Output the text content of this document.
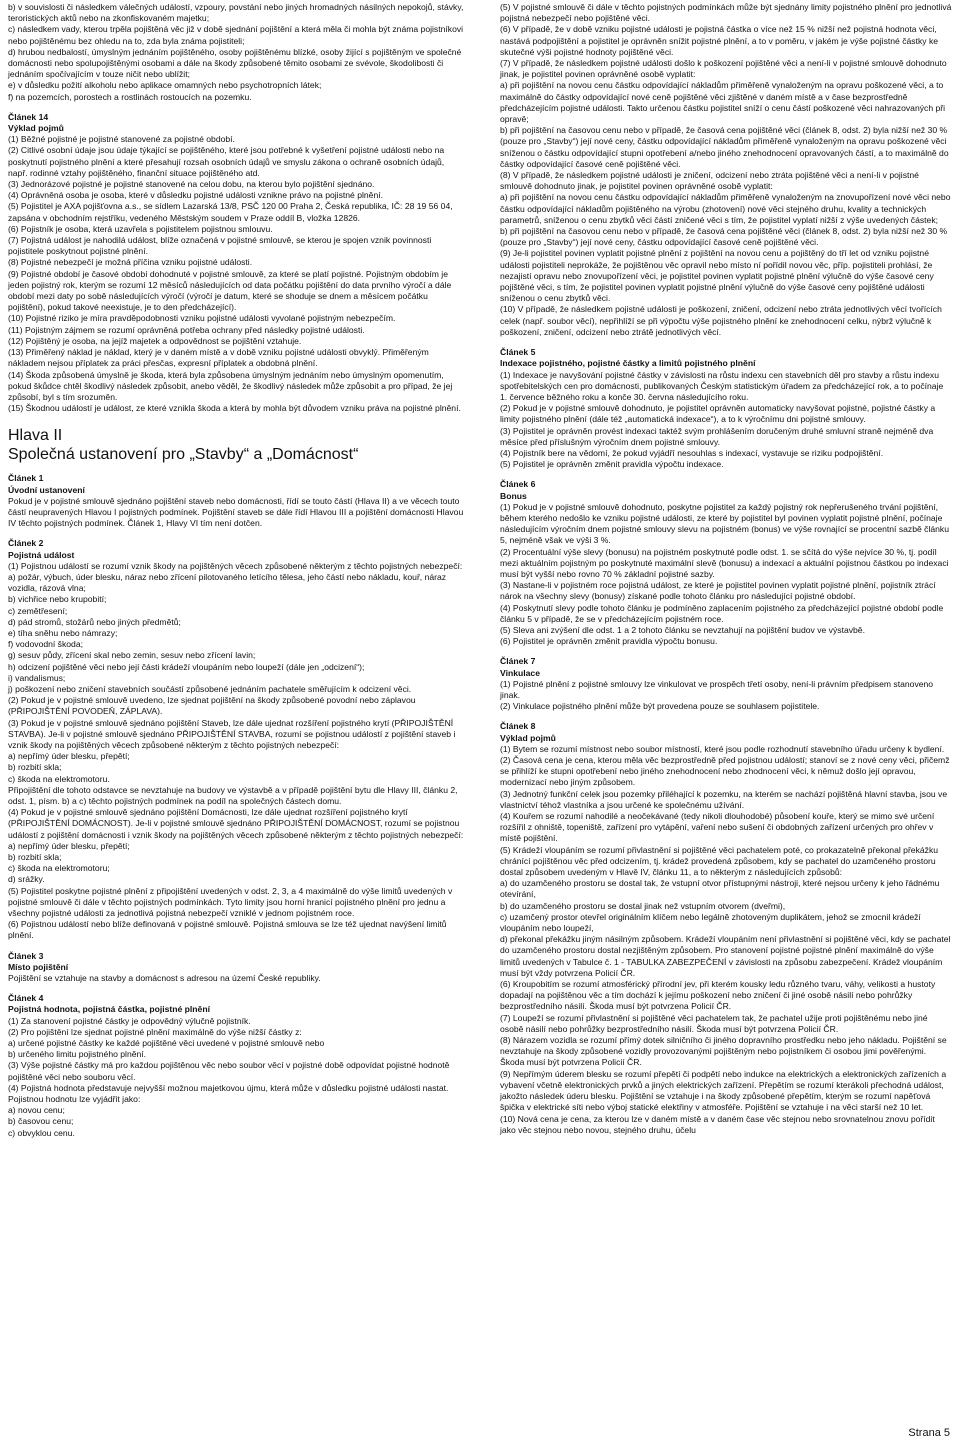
b) v souvislosti či následkem válečných událostí, vzpoury, povstání nebo jiných hromadných násilných nepokojů, stávky, teroristických aktů nebo na zkonfiskovaném majetku;
c) následkem vady, kterou trpěla pojištěná věc již v době sjednání pojištění a která měla či mohla být známa pojistníkovi nebo pojištěnému bez ohledu na to, zda byla známa pojistiteli;
d) hrubou nedbalostí, úmyslným jednáním pojištěného, osoby pojištěnému blízké, osoby žijící s pojištěným ve společné domácnosti nebo spolupojištěnými osobami a dále na škody způsobené těmito osobami ze svévole, škodolibosti či jednáním spočívajícím v touze ničit nebo ublížit;
e) v důsledku požití alkoholu nebo aplikace omamných nebo psychotropních látek;
f) na pozemcích, porostech a rostlinách rostoucích na pozemku.
Článek 14
Výklad pojmů
(1) Běžné pojistné je pojistné stanovené za pojistné období.
(2) Citlivé osobní údaje jsou údaje týkající se pojištěného, které jsou potřebné k vyšetření pojistné události nebo na poskytnutí pojistného plnění a které přesahují rozsah osobních údajů ve smyslu zákona o ochraně osobních údajů, např. rodinné vztahy pojištěného, finanční situace pojištěného atd.
(3) Jednorázové pojistné je pojistné stanovené na celou dobu, na kterou bylo pojištění sjednáno.
(4) Oprávněná osoba je osoba, které v důsledku pojistné události vznikne právo na pojistné plnění.
(5) Pojistitel je AXA pojišťovna a.s., se sídlem Lazarská 13/8, PSČ 120 00 Praha 2, Česká republika, IČ: 28 19 56 04, zapsána v obchodním rejstříku, vedeného Městským soudem v Praze oddíl B, vložka 12826.
(6) Pojistník je osoba, která uzavřela s pojistitelem pojistnou smlouvu.
(7) Pojistná událost je nahodilá událost, blíže označená v pojistné smlouvě, se kterou je spojen vznik povinnosti pojistitele poskytnout pojistné plnění.
(8) Pojistné nebezpečí je možná příčina vzniku pojistné události.
(9) Pojistné období je časové období dohodnuté v pojistné smlouvě, za které se platí pojistné. Pojistným obdobím je jeden pojistný rok, kterým se rozumí 12 měsíců následujících od data počátku pojištění do data prvního výročí a dále období mezi daty po sobě následujících výročí (výročí je datum, které se shoduje se dnem a měsícem počátku pojištění), pokud takové neexistuje, je to den předcházející).
(10) Pojistné riziko je míra pravděpodobnosti vzniku pojistné události vyvolané pojistným nebezpečím.
(11) Pojistným zájmem se rozumí oprávněná potřeba ochrany před následky pojistné události.
(12) Pojištěný je osoba, na jejíž majetek a odpovědnost se pojištění vztahuje.
(13) Přiměřený náklad je náklad, který je v daném místě a v době vzniku pojistné události obvyklý. Přiměřeným nákladem nejsou příplatek za práci přesčas, expresní příplatek a obdobná plnění.
(14) Škoda způsobená úmyslně je škoda, která byla způsobena úmyslným jednáním nebo úmyslným opomenutím, pokud škůdce chtěl škodlivý následek způsobit, anebo věděl, že škodlivý následek může způsobit a pro případ, že jej způsobí, byl s tím srozuměn.
(15) Škodnou událostí je událost, ze které vznikla škoda a která by mohla být důvodem vzniku práva na pojistné plnění.
Hlava II
Společná ustanovení pro „Stavby“ a „Domácnost“
Článek 1
Úvodní ustanovení
Pokud je v pojistné smlouvě sjednáno pojištění staveb nebo domácnosti, řídí se touto částí (Hlava II) a ve věcech touto částí neupravených Hlavou I pojistných podmínek. Pojištění staveb se dále řídí Hlavou III a pojištění domácnosti Hlavou IV těchto pojistných podmínek. Článek 1, Hlavy VI tím není dotčen.
Článek 2
Pojistná událost
(1) Pojistnou událostí se rozumí vznik škody na pojištěných věcech způsobené některým z těchto pojistných nebezpečí:
a) požár, výbuch, úder blesku, náraz nebo zřícení pilotovaného letícího tělesa, jeho částí nebo nákladu, kouř, náraz vozidla, rázová vlna;
b) vichřice nebo krupobití;
c) zemětřesení;
d) pád stromů, stožárů nebo jiných předmětů;
e) tíha sněhu nebo námrazy;
f) vodovodní škoda;
g) sesuv půdy, zřícení skal nebo zemin, sesuv nebo zřícení lavin;
h) odcizení pojištěné věci nebo její části krádeží vloupáním nebo loupeží (dále jen „odcizení“);
i) vandalismus;
j) poškození nebo zničení stavebních součástí způsobené jednáním pachatele směřujícím k odcizení věci.
(2) Pokud je v pojistné smlouvě uvedeno, lze sjednat pojištění na škody způsobené povodní nebo záplavou (PŘIPOJIŠTĚNÍ POVODEŇ, ZÁPLAVA).
(3) Pokud je v pojistné smlouvě sjednáno pojištění Staveb, lze dále ujednat rozšíření pojistného krytí (PŘIPOJIŠTĚNÍ STAVBA). Je-li v pojistné smlouvě sjednáno PŘIPOJIŠTĚNÍ STAVBA, rozumí se pojistnou událostí z pojištění staveb i vznik škody na pojištěných věcech způsobené některým z těchto pojistných nebezpečí:
a) nepřímý úder blesku, přepětí;
b) rozbití skla;
c) škoda na elektromotoru.
Připojištění dle tohoto odstavce se nevztahuje na budovy ve výstavbě a v případě pojištění bytu dle Hlavy III, článku 2, odst. 1, písm. b) a c) těchto pojistných podmínek na podíl na společných částech domu.
(4) Pokud je v pojistné smlouvě sjednáno pojištění Domácnosti, lze dále ujednat rozšíření pojistného krytí (PŘIPOJIŠTĚNÍ DOMÁCNOST). Je-li v pojistné smlouvě sjednáno PŘIPOJIŠTĚNÍ DOMÁCNOST, rozumí se pojistnou událostí z pojištění domácnosti i vznik škody na pojištěných věcech způsobené některým z těchto pojistných nebezpečí:
a) nepřímý úder blesku, přepětí;
b) rozbití skla;
c) škoda na elektromotoru;
d) srážky.
(5) Pojistitel poskytne pojistné plnění z připojištění uvedených v odst. 2, 3, a 4 maximálně do výše limitů uvedených v pojistné smlouvě či dále v těchto pojistných podmínkách. Tyto limity jsou horní hranicí pojistného plnění pro jednu a všechny pojistné události za jednotlivá pojistná nebezpečí vzniklé v jednom pojistném roce.
(6) Pojistnou událostí nebo blíže definovaná v pojistné smlouvě. Pojistná smlouva se lze též ujednat navýšení limitů plnění.
Článek 3
Místo pojištění
Pojištění se vztahuje na stavby a domácnost s adresou na území České republiky.
Článek 4
Pojistná hodnota, pojistná částka, pojistné plnění
(1) Za stanovení pojistné částky je odpovědný výlučně pojistník.
(2) Pro pojištění lze sjednat pojistné plnění maximálně do výše nižší částky z:
a) určené pojistné částky ke každé pojištěné věci uvedené v pojistné smlouvě nebo
b) určeného limitu pojistného plnění.
(3) Výše pojistné částky má pro každou pojištěnou věc nebo soubor věcí v pojistné době odpovídat pojistné hodnotě pojištěné věci nebo souboru věcí.
(4) Pojistná hodnota představuje nejvyšší možnou majetkovou újmu, která může v důsledku pojistné události nastat. Pojistnou hodnotu lze vyjádřit jako:
a) novou cenu;
b) časovou cenu;
c) obvyklou cenu.
(5) V pojistné smlouvě či dále v těchto pojistných podmínkách může být sjednány limity pojistného plnění pro jednotlivá pojistná nebezpečí nebo pojištěné věci.
(6) V případě, že v době vzniku pojistné události je pojistná částka o více než 15 % nižší než pojistná hodnota věci, nastává podpojištění a pojistitel je oprávněn snížit pojistné plnění, a to v poměru, v jakém je výše pojistné částky ke skutečné výši pojistné hodnoty pojištěné věci.
(7) V případě, že následkem pojistné události došlo k poškození pojištěné věci a není-li v pojistné smlouvě dohodnuto jinak, je pojistitel povinen oprávněné osobě vyplatit:
a) při pojištění na novou cenu částku odpovídající nákladům přiměřeně vynaloženým na opravu poškozené věci, a to maximálně do částky odpovídající nové ceně pojištěné věci zjištěné v daném místě a v čase bezprostředně předcházejícím pojistné události. Takto určenou částku pojistitel sníží o cenu částí poškozené věci nahrazovaných při opravě;
b) při pojištění na časovou cenu nebo v případě, že časová cena pojištěné věci (článek 8, odst. 2) byla nižší než 30 % (pouze pro „Stavby“) její nové ceny, částku odpovídající nákladům přiměřeně vynaloženým na opravu poškozené věci sníženou o částku odpovídající stupni opotřebení a/nebo jiného znehodnocení opravovaných částí, a to maximálně do částky odpovídající časové ceně pojištěné věci.
(8) V případě, že následkem pojistné události je zničení, odcizení nebo ztráta pojištěné věci a není-li v pojistné smlouvě dohodnuto jinak, je pojistitel povinen oprávněné osobě vyplatit:
a) při pojištění na novou cenu částku odpovídající nákladům přiměřeně vynaloženým na znovupořízení nové věci nebo částku odpovídající nákladům pojištěného na výrobu (zhotovení) nové věci stejného druhu, kvality a technických parametrů, sníženou o cenu zbytků věci částí zničené věci s tím, že pojistitel vyplatí nižší z výše uvedených částek;
b) při pojištění na časovou cenu nebo v případě, že časová cena pojištěné věci (článek 8, odst. 2) byla nižší než 30 % (pouze pro „Stavby“) její nové ceny, částku odpovídající časové ceně pojištěné věci.
(9) Je-li pojistitel povinen vyplatit pojistné plnění z pojištění na novou cenu a pojištěný do tří let od vzniku pojistné události pojistiteli neprokáže, že pojištěnou věc opravil nebo místo ní pořídil novou věc, příp. pojistiteli prohlásí, že nezajistí opravu nebo znovupořízení věci, je pojistitel povinen vyplatit pojistné plnění výlučně do výše časové ceny pojištěné věci, s tím, že pojistitel povinen vyplatit pojistné plnění výlučně do výše časové ceny pojištěné události sníženou o cenu zbytků věci.
(10) V případě, že následkem pojistné události je poškození, zničení, odcizení nebo ztráta jednotlivých věcí tvořících celek (např. soubor věcí), nepřihlíží se při výpočtu výše pojistného plnění ke znehodnocení celku, nýbrž výlučně k poškození, zničení, odcizení nebo ztrátě jednotlivých věcí.
Článek 5
Indexace pojistného, pojistné částky a limitů pojistného plnění
(1) Indexace je navyšování pojistné částky v závislosti na růstu indexu cen stavebních děl pro stavby a růstu indexu spotřebitelských cen pro domácnosti, publikovaných Českým statistickým úřadem za předcházející rok, a to počínaje 1. července běžného roku a konče 30. června následujícího roku.
(2) Pokud je v pojistné smlouvě dohodnuto, je pojistitel oprávněn automaticky navyšovat pojistné, pojistné částky a limity pojistného plnění (dále též „automatická indexace“), a to k výročnímu dni pojistné smlouvy.
(3) Pojistitel je oprávněn provést indexaci taktéž svým prohlášením doručeným druhé smluvní straně nejméně dva měsíce před příslušným výročním dnem pojistné smlouvy.
(4) Pojistník bere na vědomí, že pokud vyjádří nesouhlas s indexací, vystavuje se riziku podpojištění.
(5) Pojistitel je oprávněn změnit pravidla výpočtu indexace.
Článek 6
Bonus
(1) Pokud je v pojistné smlouvě dohodnuto, poskytne pojistitel za každý pojistný rok nepřerušeného trvání pojištění, během kterého nedošlo ke vzniku pojistné události, ze které by pojistitel byl povinen vyplatit pojistné plnění, počínaje následujícím výročním dnem pojistné smlouvy slevu na pojistném (bonus) ve výše rovnající se procentní sazbě článku 5, nejméně však ve výši 3 %.
(2) Procentuální výše slevy (bonusu) na pojistném poskytnuté podle odst. 1. se sčítá do výše nejvíce 30 %, tj. podíl mezi aktuálním pojistným po poskytnuté maximální slevě (bonusu) a indexací a aktuální pojistnou částkou po indexaci musí být vyšší nebo rovno 70 % základní pojistné sazby.
(3) Nastane-li v pojistném roce pojistná událost, ze které je pojistitel povinen vyplatit pojistné plnění, pojistník ztrácí nárok na všechny slevy (bonusy) získané podle tohoto článku pro následující pojistné období.
(4) Poskytnutí slevy podle tohoto článku je podmíněno zaplacením pojistného za předcházející pojistné období podle článku 5 v případě, že se v předcházejícím pojistném roce.
(5) Sleva ani zvýšení dle odst. 1 a 2 tohoto článku se nevztahují na pojištění budov ve výstavbě.
(6) Pojistitel je oprávněn změnit pravidla výpočtu bonusu.
Článek 7
Vinkulace
(1) Pojistné plnění z pojistné smlouvy lze vinkulovat ve prospěch třetí osoby, není-li právním předpisem stanoveno jinak.
(2) Vinkulace pojistného plnění může být provedena pouze se souhlasem pojistitele.
Článek 8
Výklad pojmů
(1) Bytem se rozumí místnost nebo soubor místností, které jsou podle rozhodnutí stavebního úřadu určeny k bydlení.
(2) Časová cena je cena, kterou měla věc bezprostředně před pojistnou událostí; stanoví se z nové ceny věci, přičemž se přihlíží ke stupni opotřebení nebo jiného znehodnocení nebo zhodnocení věci, k němuž došlo její opravou, modernizací nebo jiným způsobem.
(3) Jednotný funkční celek jsou pozemky přiléhající k pozemku, na kterém se nachází pojištěná hlavní stavba, jsou ve vlastnictví téhož vlastníka a jsou určené ke společnému užívání.
(4) Kouřem se rozumí nahodilé a neočekávané (tedy nikoli dlouhodobé) působení kouře, který se mimo své určení rozšířil z ohniště, topeniště, zařízení pro vytápění, vaření nebo sušení či obdobných zařízení určených pro ohřev v místě pojištění.
(5) Krádeží vloupáním se rozumí přivlastnění si pojištěné věci pachatelem poté, co prokazatelně překonal překážku chránící pojištěnou věc před odcizením, tj. krádež provedená způsobem, kdy se pachatel do uzamčeného prostoru dostal způsobem uvedeným v Hlavě IV, článku 11, a to některým z následujících způsobů:
a) do uzamčeného prostoru se dostal tak, že vstupní otvor přístupnými nástroji, které nejsou určeny k jeho řádnému otevírání,
b) do uzamčeného prostoru se dostal jinak než vstupním otvorem (dveřmi),
c) uzamčený prostor otevřel originálním klíčem nebo legálně zhotoveným duplikátem, jehož se zmocnil krádeží vloupáním nebo loupeží,
d) překonal překážku jiným násilným způsobem. Krádeží vloupáním není přivlastnění si pojištěné věci, kdy se pachatel do uzamčeného prostoru dostal nezjištěným způsobem. Pro stanovení pojistné pojistné plnění maximálně do výše limitů uvedených v Tabulce č. 1 - TABULKA ZABEZPEČENÍ v závislosti na způsobu zabezpečení. Krádež vloupáním musí být vždy potvrzena Policií ČR.
(6) Kroupobitím se rozumí atmosférický přírodní jev, při kterém kousky ledu různého tvaru, váhy, velikosti a hustoty dopadají na pojištěnou věc a tím dochází k jejímu poškození nebo zničení či jiné osobě násilí nebo pohrůžky bezprostředního násilí. Škoda musí být potvrzena Policií ČR.
(7) Loupeží se rozumí přivlastnění si pojištěné věci pachatelem tak, že pachatel užije proti pojištěnému nebo jiné osobě násilí nebo pohrůžky bezprostředního násilí. Škoda musí být potvrzena Policií ČR.
(8) Nárazem vozidla se rozumí přímý dotek silničního či jiného dopravního prostředku nebo jeho nákladu. Pojištění se nevztahuje na škody způsobené vozidly provozovanými pojištěným nebo pojistníkem či osobou jimi pověřenými. Škoda musí být potvrzena Policií ČR.
(9) Nepřímým úderem blesku se rozumí přepětí či podpětí nebo indukce na elektrických a elektronických zařízeních a vybavení včetně elektronických prvků a jiných elektrických zařízení. Přepětím se rozumí kterákoli přechodná událost, jakožto následek úderu blesku. Pojištění se vztahuje i na škody způsobené přepětím, kterým se rozumí napěťová špička v elektrické síti nebo výboj statické elektřiny v atmosféře. Pojištění se vztahuje i na věci starší než 10 let.
(10) Nová cena je cena, za kterou lze v daném místě a v daném čase věc stejnou nebo srovnatelnou znovu pořídit jako věc stejnou nebo novou, stejného druhu, účelu
Strana 5
